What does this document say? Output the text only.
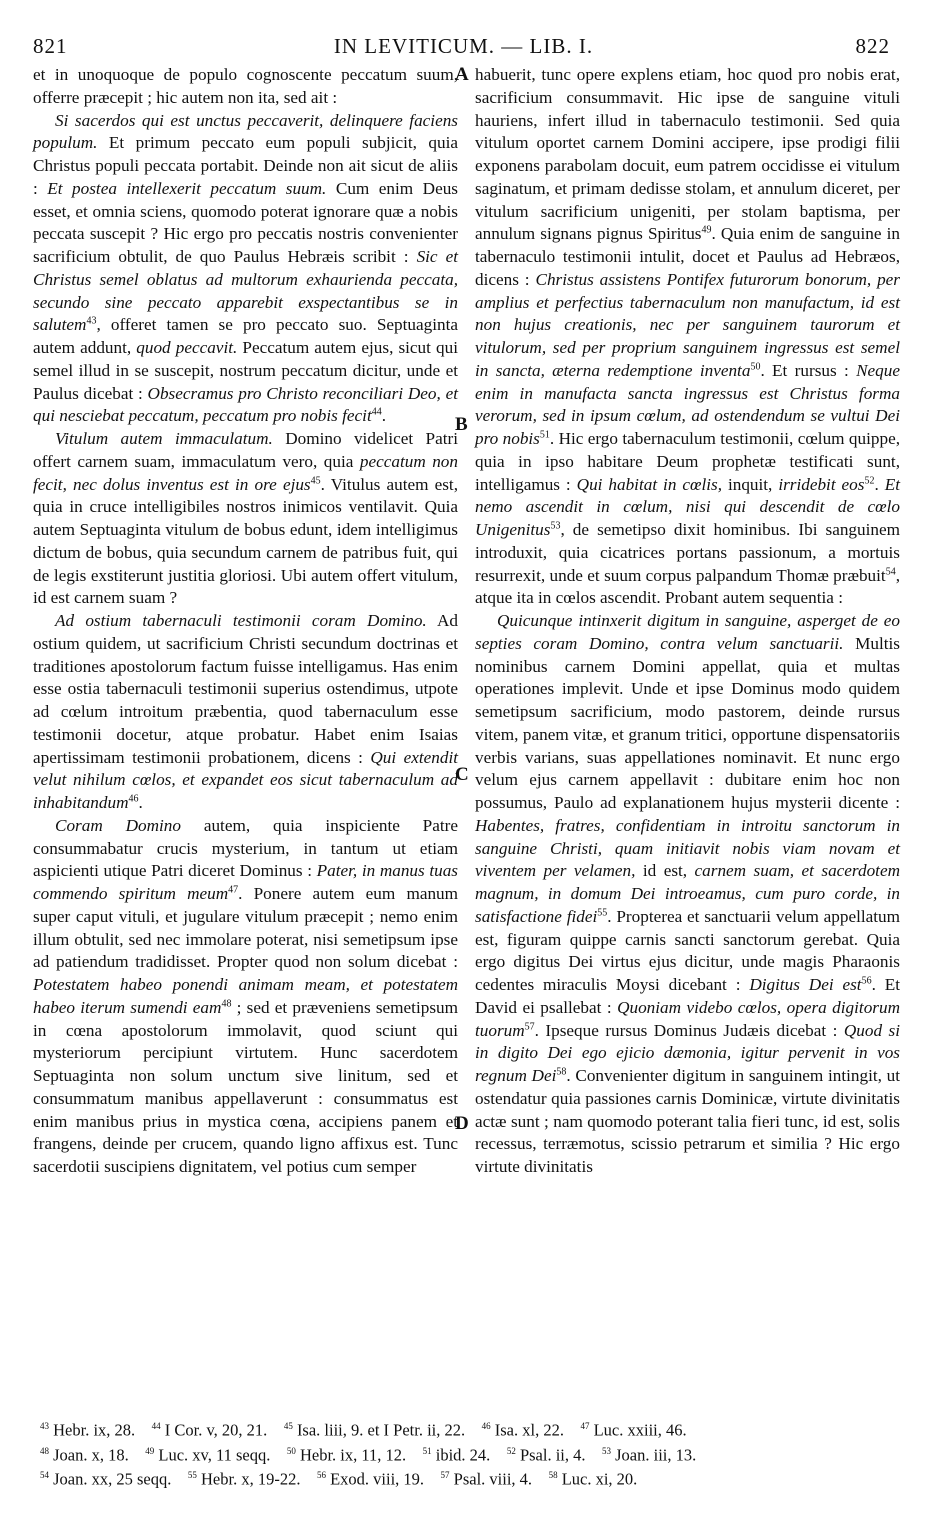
821	IN LEVITICUM. — LIB. I.	822

et in unoquoque de populo cognoscente peccatum suum, offerre præcepit ; hic autem non ita, sed ait :

Si sacerdos qui est unctus peccaverit, delinquere faciens populum. Et primum peccato eum populi subjicit, quia Christus populi peccata portabit. Deinde non ait sicut de aliis : Et postea intellexerit peccatum suum. Cum enim Deus esset, et omnia sciens, quomodo poterat ignorare quæ a nobis peccata suscepit ? Hic ergo pro peccatis nostris convenienter sacrificium obtulit, de quo Paulus Hebræis scribit : Sic et Christus semel oblatus ad multorum exhaurienda peccata, secundo sine peccato apparebit exspectantibus se in salutem$^{43}$, offeret tamen se pro peccato suo. Septuaginta autem addunt, quod peccavit. Peccatum autem ejus, sicut qui semel illud in se suscepit, nostrum peccatum dicitur, unde et Paulus dicebat : Obsecramus pro Christo reconciliari Deo, et qui nesciebat peccatum, peccatum pro nobis fecit$^{44}$.

Vitulum autem immaculatum. Domino videlicet Patri offert carnem suam, immaculatum vero, quia peccatum non fecit, nec dolus inventus est in ore ejus$^{45}$. Vitulus autem est, quia in cruce intelligibiles nostros inimicos ventilavit. Quia autem Septuaginta vitulum de bobus edunt, idem intelligimus dictum de bobus, quia secundum carnem de patribus fuit, qui de legis exstiterunt justitia gloriosi. Ubi autem offert vitulum, id est carnem suam ?

Ad ostium tabernaculi testimonii coram Domino. Ad ostium quidem, ut sacrificium Christi secundum doctrinas et traditiones apostolorum factum fuisse intelligamus. Has enim esse ostia tabernaculi testimonii superius ostendimus, utpote ad cœlum introitum præbentia, quod tabernaculum esse testimonii docetur, atque probatur. Habet enim Isaias apertissimam testimonii probationem, dicens : Qui extendit velut nihilum cœlos, et expandet eos sicut tabernaculum ad inhabitandum$^{46}$.

Coram Domino autem, quia inspiciente Patre consummabatur crucis mysterium, in tantum ut etiam aspicienti utique Patri diceret Dominus : Pater, in manus tuas commendo spiritum meum$^{47}$. Ponere autem eum manum super caput vituli, et jugulare vitulum præcepit ; nemo enim illum obtulit, sed nec immolare poterat, nisi semetipsum ipse ad patiendum tradidisset. Propter quod non solum dicebat : Potestatem habeo ponendi animam meam, et potestatem habeo iterum sumendi eam$^{48}$ ; sed et præveniens semetipsum in cœna apostolorum immolavit, quod sciunt qui mysteriorum percipiunt virtutem. Hunc sacerdotem Septuaginta non solum unctum sive linitum, sed et consummatum manibus appellaverunt : consummatus est enim manibus prius in mystica cœna, accipiens panem et frangens, deinde per crucem, quando ligno affixus est. Tunc sacerdotii suscipiens dignitatem, vel potius cum semper

habuerit, tunc opere explens etiam, hoc quod pro nobis erat, sacrificium consummavit. Hic ipse de sanguine vituli hauriens, infert illud in tabernaculo testimonii. Sed quia vitulum oportet carnem Domini accipere, ipse prodigi filii exponens parabolam docuit, eum patrem occidisse ei vitulum saginatum, et primam dedisse stolam, et annulum diceret, per vitulum sacrificium unigeniti, per stolam baptisma, per annulum signans pignus Spiritus$^{49}$. Quia enim de sanguine in tabernaculo testimonii intulit, docet et Paulus ad Hebræos, dicens : Christus assistens Pontifex futurorum bonorum, per amplius et perfectius tabernaculum non manufactum, id est non hujus creationis, nec per sanguinem taurorum et vitulorum, sed per proprium sanguinem ingressus est semel in sancta, æterna redemptione inventa$^{50}$. Et rursus : Neque enim in manufacta sancta ingressus est Christus forma verorum, sed in ipsum cœlum, ad ostendendum se vultui Dei pro nobis$^{51}$. Hic ergo tabernaculum testimonii, cœlum quippe, quia in ipso habitare Deum prophetæ testificati sunt, intelligamus : Qui habitat in cœlis, inquit, irridebit eos$^{52}$. Et nemo ascendit in cœlum, nisi qui descendit de cœlo Unigenitus$^{53}$, de semetipso dixit hominibus. Ibi sanguinem introduxit, quia cicatrices portans passionum, a mortuis resurrexit, unde et suum corpus palpandum Thomæ præbuit$^{54}$, atque ita in cœlos ascendit. Probant autem sequentia :

Quicunque intinxerit digitum in sanguine, asperget de eo septies coram Domino, contra velum sanctuarii. Multis nominibus carnem Domini appellat, quia et multas operationes implevit. Unde et ipse Dominus modo quidem semetipsum sacrificium, modo pastorem, deinde rursus vitem, panem vitæ, et granum tritici, opportune dispensatoriis verbis varians, suas appellationes nominavit. Et nunc ergo velum ejus carnem appellavit : dubitare enim hoc non possumus, Paulo ad explanationem hujus mysterii dicente : Habentes, fratres, confidentiam in introitu sanctorum in sanguine Christi, quam initiavit nobis viam novam et viventem per velamen, id est, carnem suam, et sacerdotem magnum, in domum Dei introeamus, cum puro corde, in satisfactione fidei$^{55}$. Propterea et sanctuarii velum appellatum est, figuram quippe carnis sancti sanctorum gerebat. Quia ergo digitus Dei virtus ejus dicitur, unde magis Pharaonis cedentes miraculis Moysi dicebant : Digitus Dei est$^{56}$. Et David ei psallebat : Quoniam videbo cœlos, opera digitorum tuorum$^{57}$. Ipseque rursus Dominus Judæis dicebat : Quod si in digito Dei ego ejicio dæmonia, igitur pervenit in vos regnum Dei$^{58}$. Convenienter digitum in sanguinem intingit, ut ostendatur quia passiones carnis Dominicæ, virtute divinitatis actæ sunt ; nam quomodo poterant talia fieri tunc, id est, solis recessus, terræmotus, scissio petrarum et similia ? Hic ergo virtute divinitatis

A
B
C
D
$^{43}$ Hebr. ix, 28.  $^{44}$ I Cor. v, 20, 21.  $^{45}$ Isa. liii, 9. et I Petr. ii, 22.  $^{46}$ Isa. xl, 22.  $^{47}$ Luc. xxiii, 46. 
$^{48}$ Joan. x, 18.  $^{49}$ Luc. xv, 11 seqq.  $^{50}$ Hebr. ix, 11, 12.  $^{51}$ ibid. 24.  $^{52}$ Psal. ii, 4.  $^{53}$ Joan. iii, 13. 
$^{54}$ Joan. xx, 25 seqq.  $^{55}$ Hebr. x, 19-22.  $^{56}$ Exod. viii, 19.  $^{57}$ Psal. viii, 4.  $^{58}$ Luc. xi, 20. 
